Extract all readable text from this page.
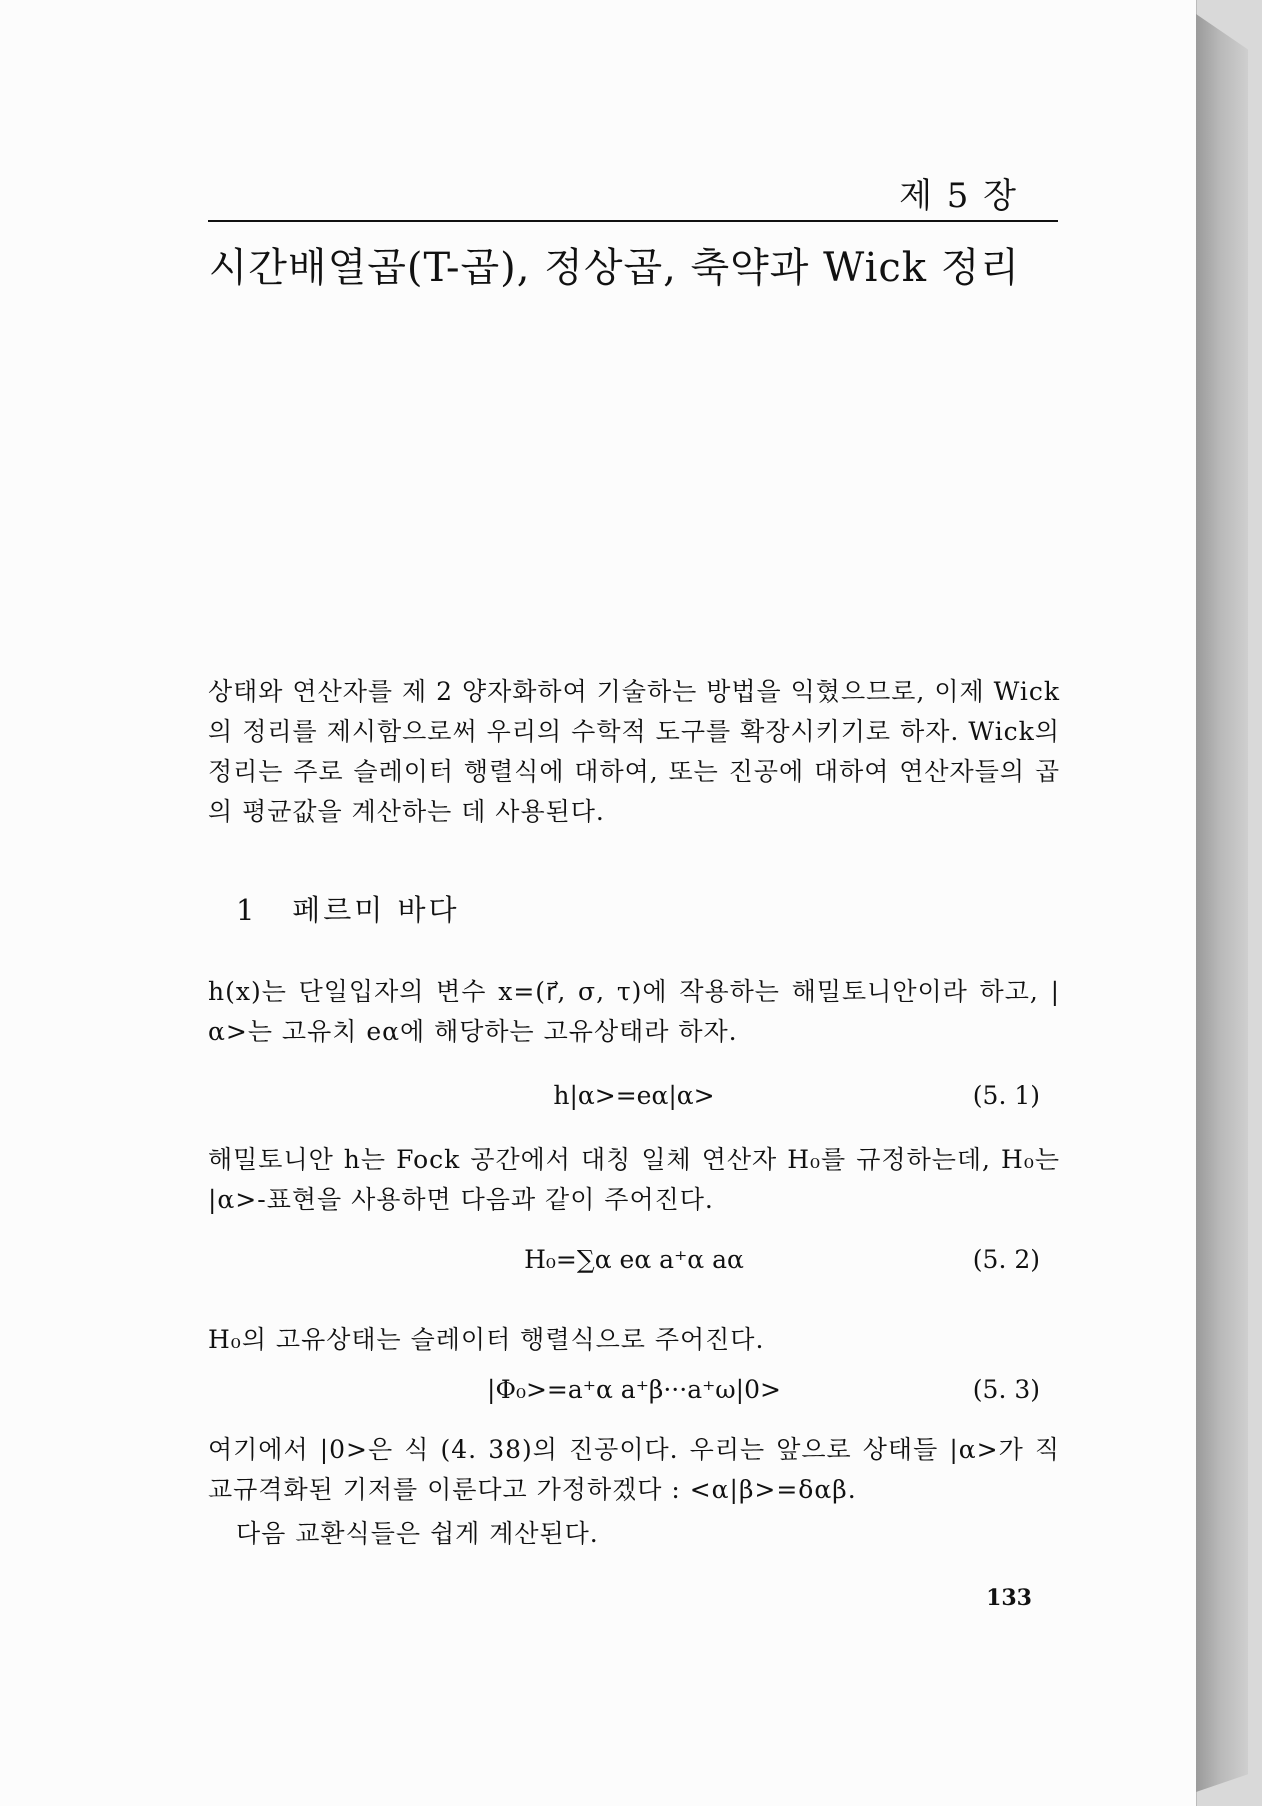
제 5 장
시간배열곱(T-곱), 정상곱, 축약과 Wick 정리

상태와 연산자를 제 2 양자화하여 기술하는 방법을 익혔으므로, 이제 Wick의 정리를 제시함으로써 우리의 수학적 도구를 확장시키기로 하자. Wick의 정리는 주로 슬레이터 행렬식에 대하여, 또는 진공에 대하여 연산자들의 곱의 평균값을 계산하는 데 사용된다.

1 페르미 바다

h(x)는 단일입자의 변수 x=(r⃗, σ, τ)에 작용하는 해밀토니안이라 하고, |α>는 고유치 eα에 해당하는 고유상태라 하자.

h|α>=eα|α>	(5. 1)

해밀토니안 h는 Fock 공간에서 대칭 일체 연산자 H₀를 규정하는데, H₀는 |α>-표현을 사용하면 다음과 같이 주어진다.

H₀=∑α eα a⁺α aα	(5. 2)

H₀의 고유상태는 슬레이터 행렬식으로 주어진다.

|Φ₀>=a⁺α a⁺β···a⁺ω|0>	(5. 3)

여기에서 |0>은 식 (4. 38)의 진공이다. 우리는 앞으로 상태들 |α>가 직교규격화된 기저를 이룬다고 가정하겠다 : <α|β>=δαβ.

다음 교환식들은 쉽게 계산된다.

133
